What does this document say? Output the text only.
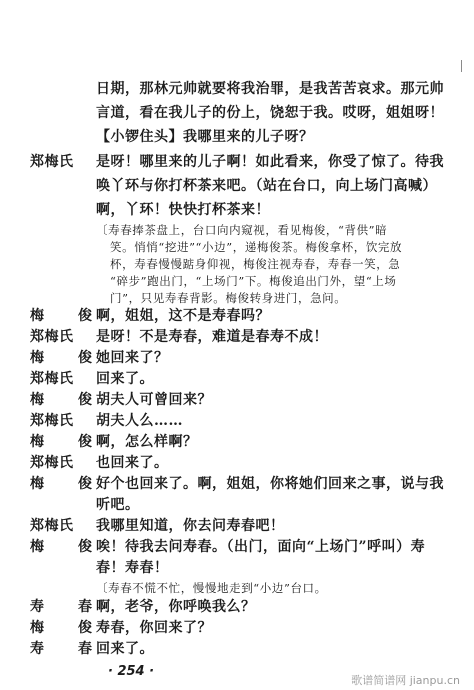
日期，那林元帅就要将我治罪，是我苦苦哀求。那元帅
言道，看在我儿子的份上，饶恕于我。哎呀，姐姐呀！
【小锣住头】我哪里来的儿子呀？
郑梅氏 是呀！哪里来的儿子啊！如此看来，你受了惊了。待我
唤丫环与你打杯茶来吧。（站在台口，向上场门高喊）
啊，丫环！快快打杯茶来！
〔寿春捧茶盘上，台口向内窥视，看见梅俊，“背供”暗
笑。悄悄“挖进”“小边”，递梅俊茶。梅俊拿杯，饮完放
杯，寿春慢慢踮身仰视，梅俊注视寿春，寿春一笑，急
“碎步”跑出门，“上场门”下。梅俊追出门外，望“上场
门”，只见寿春背影。梅俊转身进门，急问。
梅　俊
啊，姐姐，这不是寿春吗？
郑梅氏 是呀！不是寿春，难道是春寿不成！
梅　俊
她回来了？
郑梅氏 回来了。
梅　俊
胡夫人可曾回来？
郑梅氏 胡夫人么……
梅　俊
啊，怎么样啊？
郑梅氏 也回来了。
梅　俊
好个也回来了。啊，姐姐，你将她们回来之事，说与我
听吧。
郑梅氏 我哪里知道，你去问寿春吧！
梅　俊
唉！待我去问寿春。（出门，面向“上场门”呼叫）寿
春！寿春！
〔寿春不慌不忙，慢慢地走到“小边”台口。
寿　春
啊，老爷，你呼唤我么？
梅　俊
寿春，你回来了？
回来了。
寿　春
· 254 ·
歌谱简谱网 jianpu.cn
